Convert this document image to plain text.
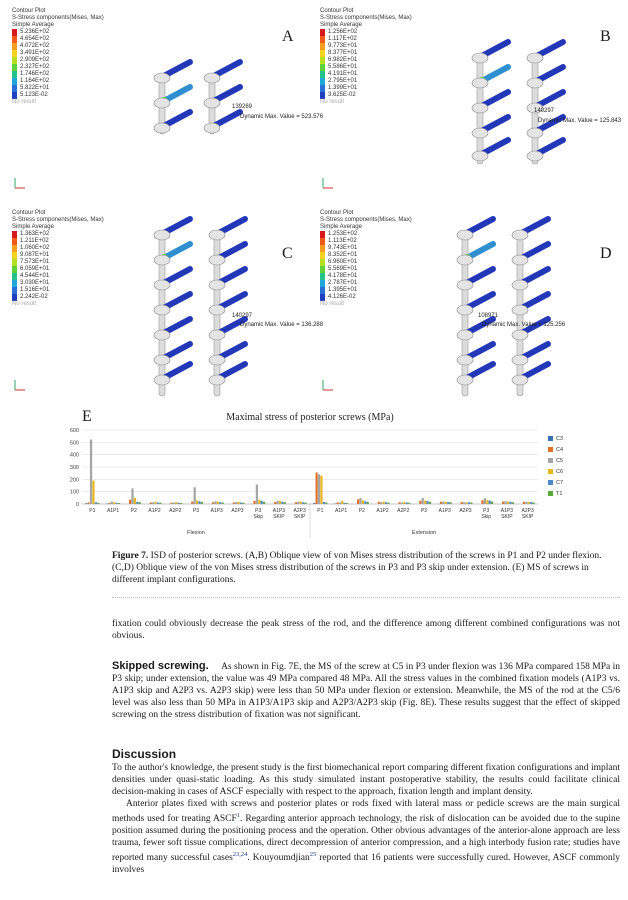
Contour Plot
S-Stress components(Mises, Max)
Simple Average
5.236E+02
4.654E+02
4.072E+02
3.491E+02
2.909E+02
2.327E+02
1.746E+02
1.164E+02
5.822E+01
5.123E-02
No result
A
139269
Dynamic Max. Value = 523.576
Contour Plot
S-Stress components(Mises, Max)
Simple Average
1.256E+02
1.117E+02
9.773E+01
8.377E+01
6.982E+01
5.586E+01
4.191E+01
2.795E+01
1.399E+01
3.625E-02
No result
B
140297
Dynamic Max. Value = 125.843
Contour Plot
S-Stress components(Mises, Max)
Simple Average
1.363E+02
1.211E+02
1.060E+02
9.087E+01
7.573E+01
6.059E+01
4.544E+01
3.030E+01
1.516E+01
2.242E-02
No result
C
140297
Dynamic Max. Value = 136.288
Contour Plot
S-Stress components(Mises, Max)
Simple Average
1.253E+02
1.113E+02
9.743E+01
8.352E+01
6.960E+01
5.569E+01
4.178E+01
2.787E+01
1.395E+01
4.126E-02
No result
D
108971
Dynamic Max. Value = 125.256
E	Maximal stress of posterior screws (MPa)
0
100
200
300
400
500
600
P1 A1P1 P2 A1P2 A2P2 P3 A1P3 A2P3 P3
Skip
A1P3
SKIP
A2P3
SKIP
P1 A1P1 P2 A1P2 A2P2 P3 A1P3 A2P3 P3
Skip
A1P3
SKIP
A2P3
SKIP
Flexion	Extension
C3
C4
C5
C6
C7
T1
Figure 7. ISD of posterior screws. (A,B) Oblique view of von Mises stress distribution of the screws in P1 and P2 under flexion. (C,D) Oblique view of the von Mises stress distribution of the screws in P3 and P3 skip under extension. (E) MS of screws in different implant configurations.
fixation could obviously decrease the peak stress of the rod, and the difference among different combined configurations was not obvious.
Skipped screwing. As shown in Fig. 7E, the MS of the screw at C5 in P3 under flexion was 136 MPa compared 158 MPa in P3 skip; under extension, the value was 49 MPa compared 48 MPa. All the stress values in the combined fixation models (A1P3 vs. A1P3 skip and A2P3 vs. A2P3 skip) were less than 50 MPa under flexion or extension. Meanwhile, the MS of the rod at the C5/6 level was also less than 50 MPa in A1P3/A1P3 skip and A2P3/A2P3 skip (Fig. 8E). These results suggest that the effect of skipped screwing on the stress distribution of fixation was not significant.
Discussion
To the author's knowledge, the present study is the first biomechanical report comparing different fixation configurations and implant densities under quasi-static loading. As this study simulated instant postoperative stability, the results could facilitate clinical decision-making in cases of ASCF especially with respect to the approach, fixation length and implant density.
Anterior plates fixed with screws and posterior plates or rods fixed with lateral mass or pedicle screws are the main surgical methods used for treating ASCF$^1$. Regarding anterior approach technology, the risk of dislocation can be avoided due to the supine position assumed during the positioning process and the operation. Other obvious advantages of the anterior-alone approach are less trauma, fewer soft tissue complications, direct decompression of anterior compression, and a high interbody fusion rate; studies have reported many successful cases$^{23,24}$. Kouyoumdjian$^{25}$ reported that 16 patients were successfully cured. However, ASCF commonly involves
